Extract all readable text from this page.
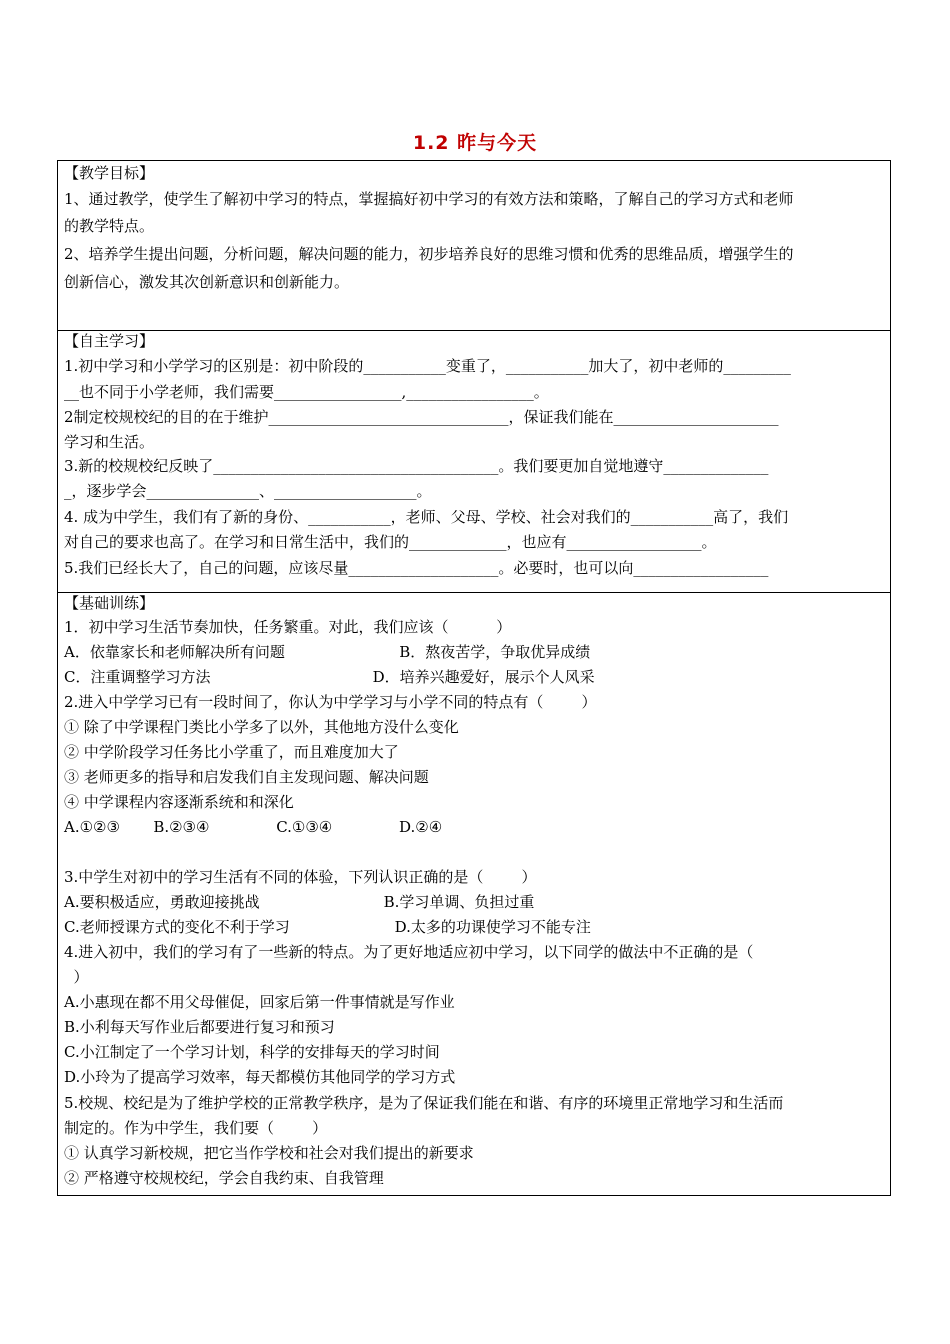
1.2 昨与今天
【教学目标】
1、通过教学，使学生了解初中学习的特点，掌握搞好初中学习的有效方法和策略，了解自己的学习方式和老师
的教学特点。
2、培养学生提出问题，分析问题，解决问题的能力，初步培养良好的思维习惯和优秀的思维品质，增强学生的
创新信心，激发其次创新意识和创新能力。
【自主学习】
1.初中学习和小学学习的区别是：初中阶段的___________变重了，___________加大了，初中老师的_________
__也不同于小学老师，我们需要_________________,_________________。
2制定校规校纪的目的在于维护________________________________，保证我们能在______________________
学习和生活。
3.新的校规校纪反映了______________________________________。我们要更加自觉地遵守______________
_，逐步学会_______________、___________________。
4. 成为中学生，我们有了新的身份、___________，老师、父母、学校、社会对我们的___________高了，我们
对自己的要求也高了。在学习和日常生活中，我们的_____________，也应有__________________。
5.我们已经长大了，自己的问题，应该尽量____________________。必要时，也可以向__________________
【基础训练】
1．初中学习生活节奏加快，任务繁重。对此，我们应该（          ）
A．依靠家长和老师解决所有问题                        B．熬夜苦学，争取优异成绩
C．注重调整学习方法                                  D．培养兴趣爱好，展示个人风采
2.进入中学学习已有一段时间了，你认为中学学习与小学不同的特点有（        ）
① 除了中学课程门类比小学多了以外，其他地方没什么变化
② 中学阶段学习任务比小学重了，而且难度加大了
③ 老师更多的指导和启发我们自主发现问题、解决问题
④ 中学课程内容逐渐系统和和深化
A.①②③       B.②③④              C.①③④              D.②④
3.中学生对初中的学习生活有不同的体验，下列认识正确的是（        ）
A.要积极适应，勇敢迎接挑战                          B.学习单调、负担过重
C.老师授课方式的变化不利于学习                      D.太多的功课使学习不能专注
4.进入初中，我们的学习有了一些新的特点。为了更好地适应初中学习，以下同学的做法中不正确的是（
）
A.小惠现在都不用父母催促，回家后第一件事情就是写作业
B.小利每天写作业后都要进行复习和预习
C.小江制定了一个学习计划，科学的安排每天的学习时间
D.小玲为了提高学习效率，每天都模仿其他同学的学习方式
5.校规、校纪是为了维护学校的正常教学秩序，是为了保证我们能在和谐、有序的环境里正常地学习和生活而
制定的。作为中学生，我们要（        ）
① 认真学习新校规，把它当作学校和社会对我们提出的新要求
② 严格遵守校规校纪，学会自我约束、自我管理
